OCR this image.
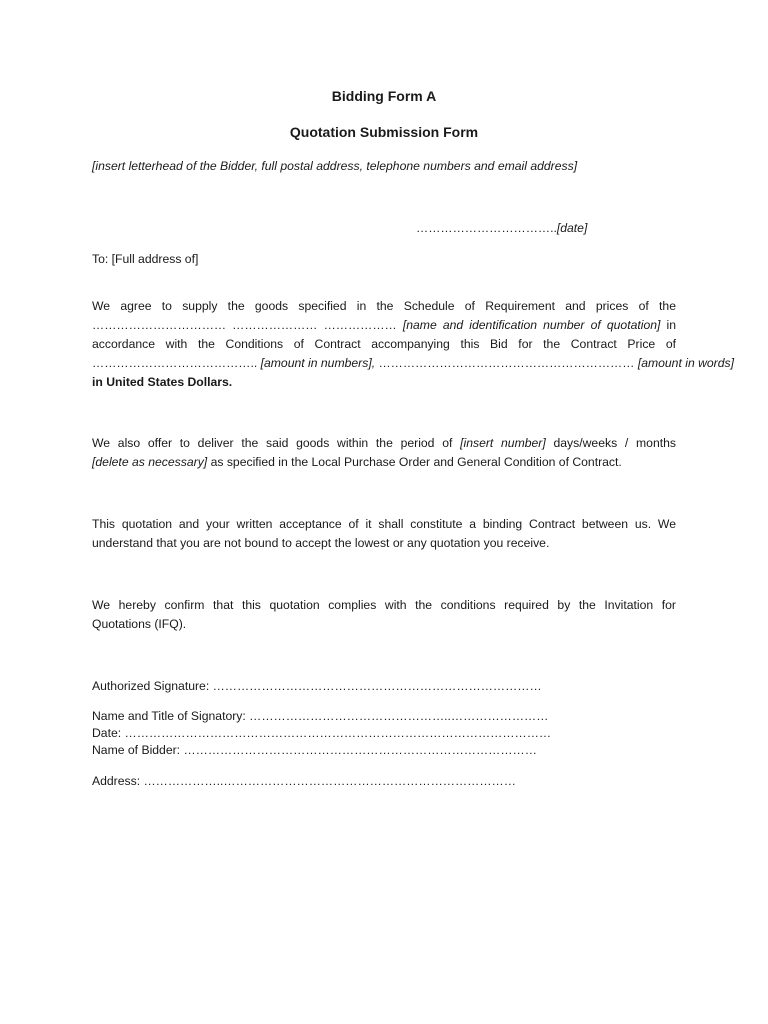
Bidding Form A
Quotation Submission Form
[insert letterhead of the Bidder, full postal address, telephone numbers and email address]
……………………………..[date]
To: [Full address of]
We agree to supply the goods specified in the Schedule of Requirement and prices of the
…………………………… ………………… ……………… [name and identification number of quotation] in
accordance with the Conditions of Contract accompanying this Bid for the Contract Price of
………………………………….. [amount in numbers], ……………………………………………………… [amount in words]
in United States Dollars.
We also offer to deliver the said goods within the period of [insert number] days/weeks / months
[delete as necessary] as specified in the Local Purchase Order and General Condition of Contract.
This quotation and your written acceptance of it shall constitute a binding Contract between us. We
understand that you are not bound to accept the lowest or any quotation you receive.
We hereby confirm that this quotation complies with the conditions required by the Invitation for
Quotations (IFQ).
Authorized Signature: ………………………………………………………………………
Name and Title of Signatory: …………………………………………..……………………
Date: ……………………………………………………………………………………………
Name of Bidder: ……………………………………………………………………………
Address: ………………..………………………………………………………………
